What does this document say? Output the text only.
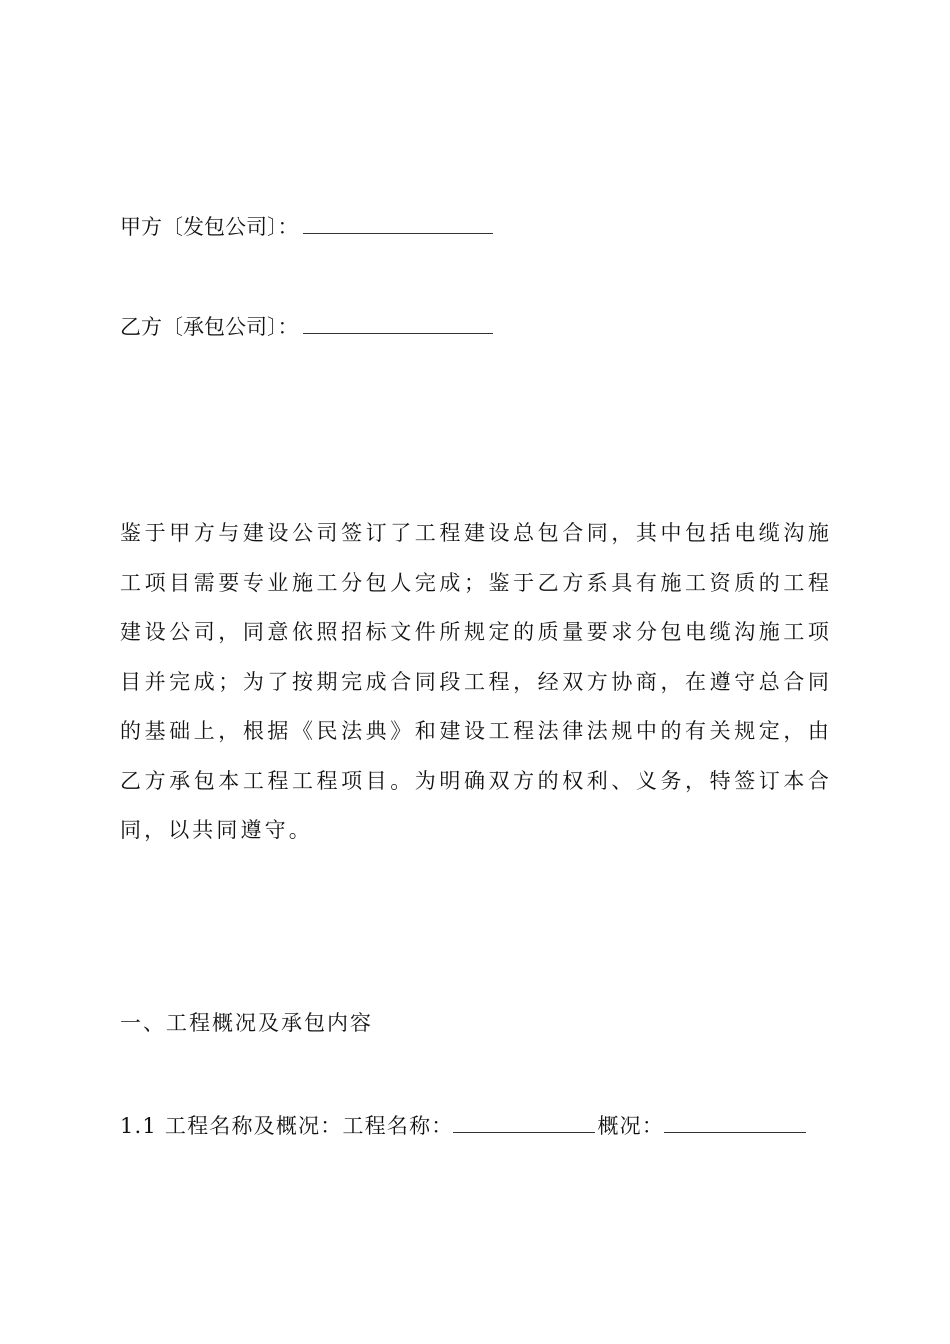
甲方〔发包公司〕：
乙方〔承包公司〕：
鉴于甲方与建设公司签订了工程建设总包合同，其中包括电缆沟施工项目需要专业施工分包人完成；鉴于乙方系具有施工资质的工程建设公司，同意依照招标文件所规定的质量要求分包电缆沟施工项目并完成；为了按期完成合同段工程，经双方协商，在遵守总合同的基础上，根据《民法典》和建设工程法律法规中的有关规定，由乙方承包本工程工程项目。为明确双方的权利、义务，特签订本合同，以共同遵守。
一、工程概况及承包内容
1.1 工程名称及概况：工程名称：	概况：
